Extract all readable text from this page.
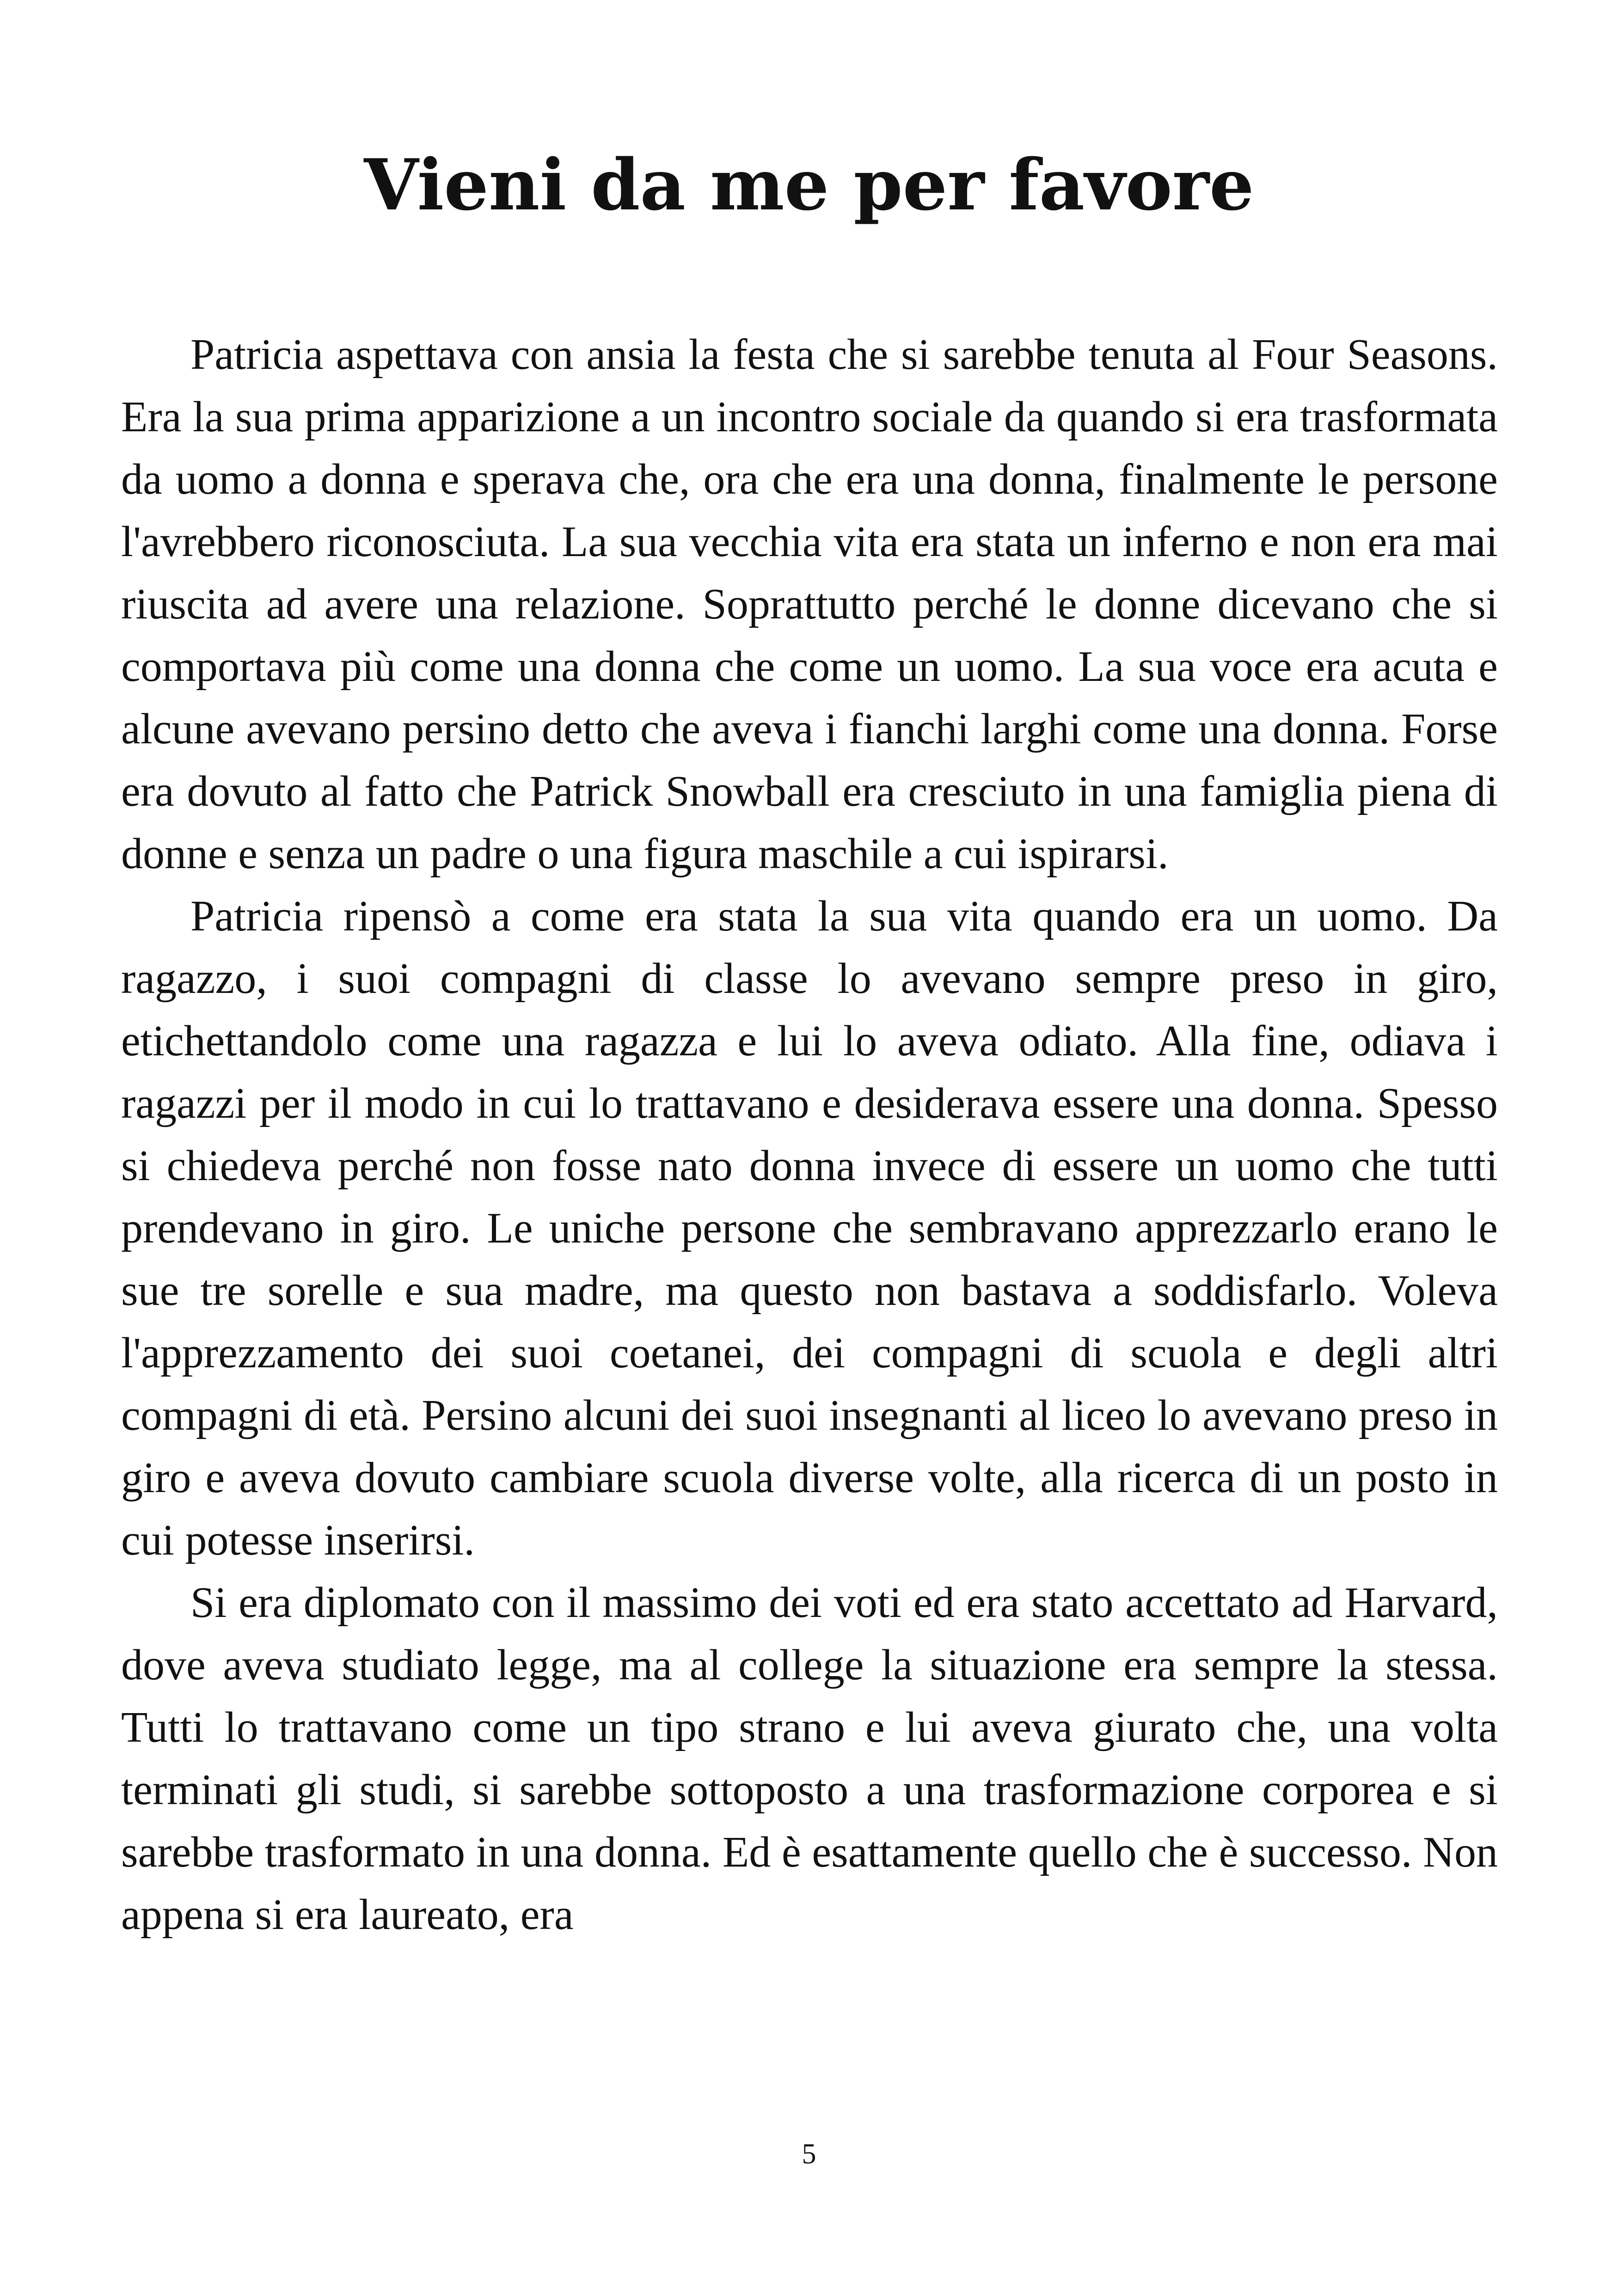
Vieni da me per favore

Patricia aspettava con ansia la festa che si sarebbe tenuta al Four Seasons. Era la sua prima apparizione a un incontro sociale da quando si era trasformata da uomo a donna e sperava che, ora che era una donna, finalmente le persone l'avrebbero riconosciuta. La sua vecchia vita era stata un inferno e non era mai riuscita ad avere una relazione. Soprattutto perché le donne dicevano che si comportava più come una donna che come un uomo. La sua voce era acuta e alcune avevano persino detto che aveva i fianchi larghi come una donna. Forse era dovuto al fatto che Patrick Snowball era cresciuto in una famiglia piena di donne e senza un padre o una figura maschile a cui ispirarsi.

Patricia ripensò a come era stata la sua vita quando era un uomo. Da ragazzo, i suoi compagni di classe lo avevano sempre preso in giro, etichettandolo come una ragazza e lui lo aveva odiato. Alla fine, odiava i ragazzi per il modo in cui lo trattavano e desiderava essere una donna. Spesso si chiedeva perché non fosse nato donna invece di essere un uomo che tutti prendevano in giro. Le uniche persone che sembravano apprezzarlo erano le sue tre sorelle e sua madre, ma questo non bastava a soddisfarlo. Voleva l'apprezzamento dei suoi coetanei, dei compagni di scuola e degli altri compagni di età. Persino alcuni dei suoi insegnanti al liceo lo avevano preso in giro e aveva dovuto cambiare scuola diverse volte, alla ricerca di un posto in cui potesse inserirsi.

Si era diplomato con il massimo dei voti ed era stato accettato ad Harvard, dove aveva studiato legge, ma al college la situazione era sempre la stessa. Tutti lo trattavano come un tipo strano e lui aveva giurato che, una volta terminati gli studi, si sarebbe sottoposto a una trasformazione corporea e si sarebbe trasformato in una donna. Ed è esattamente quello che è successo. Non appena si era laureato, era

5
